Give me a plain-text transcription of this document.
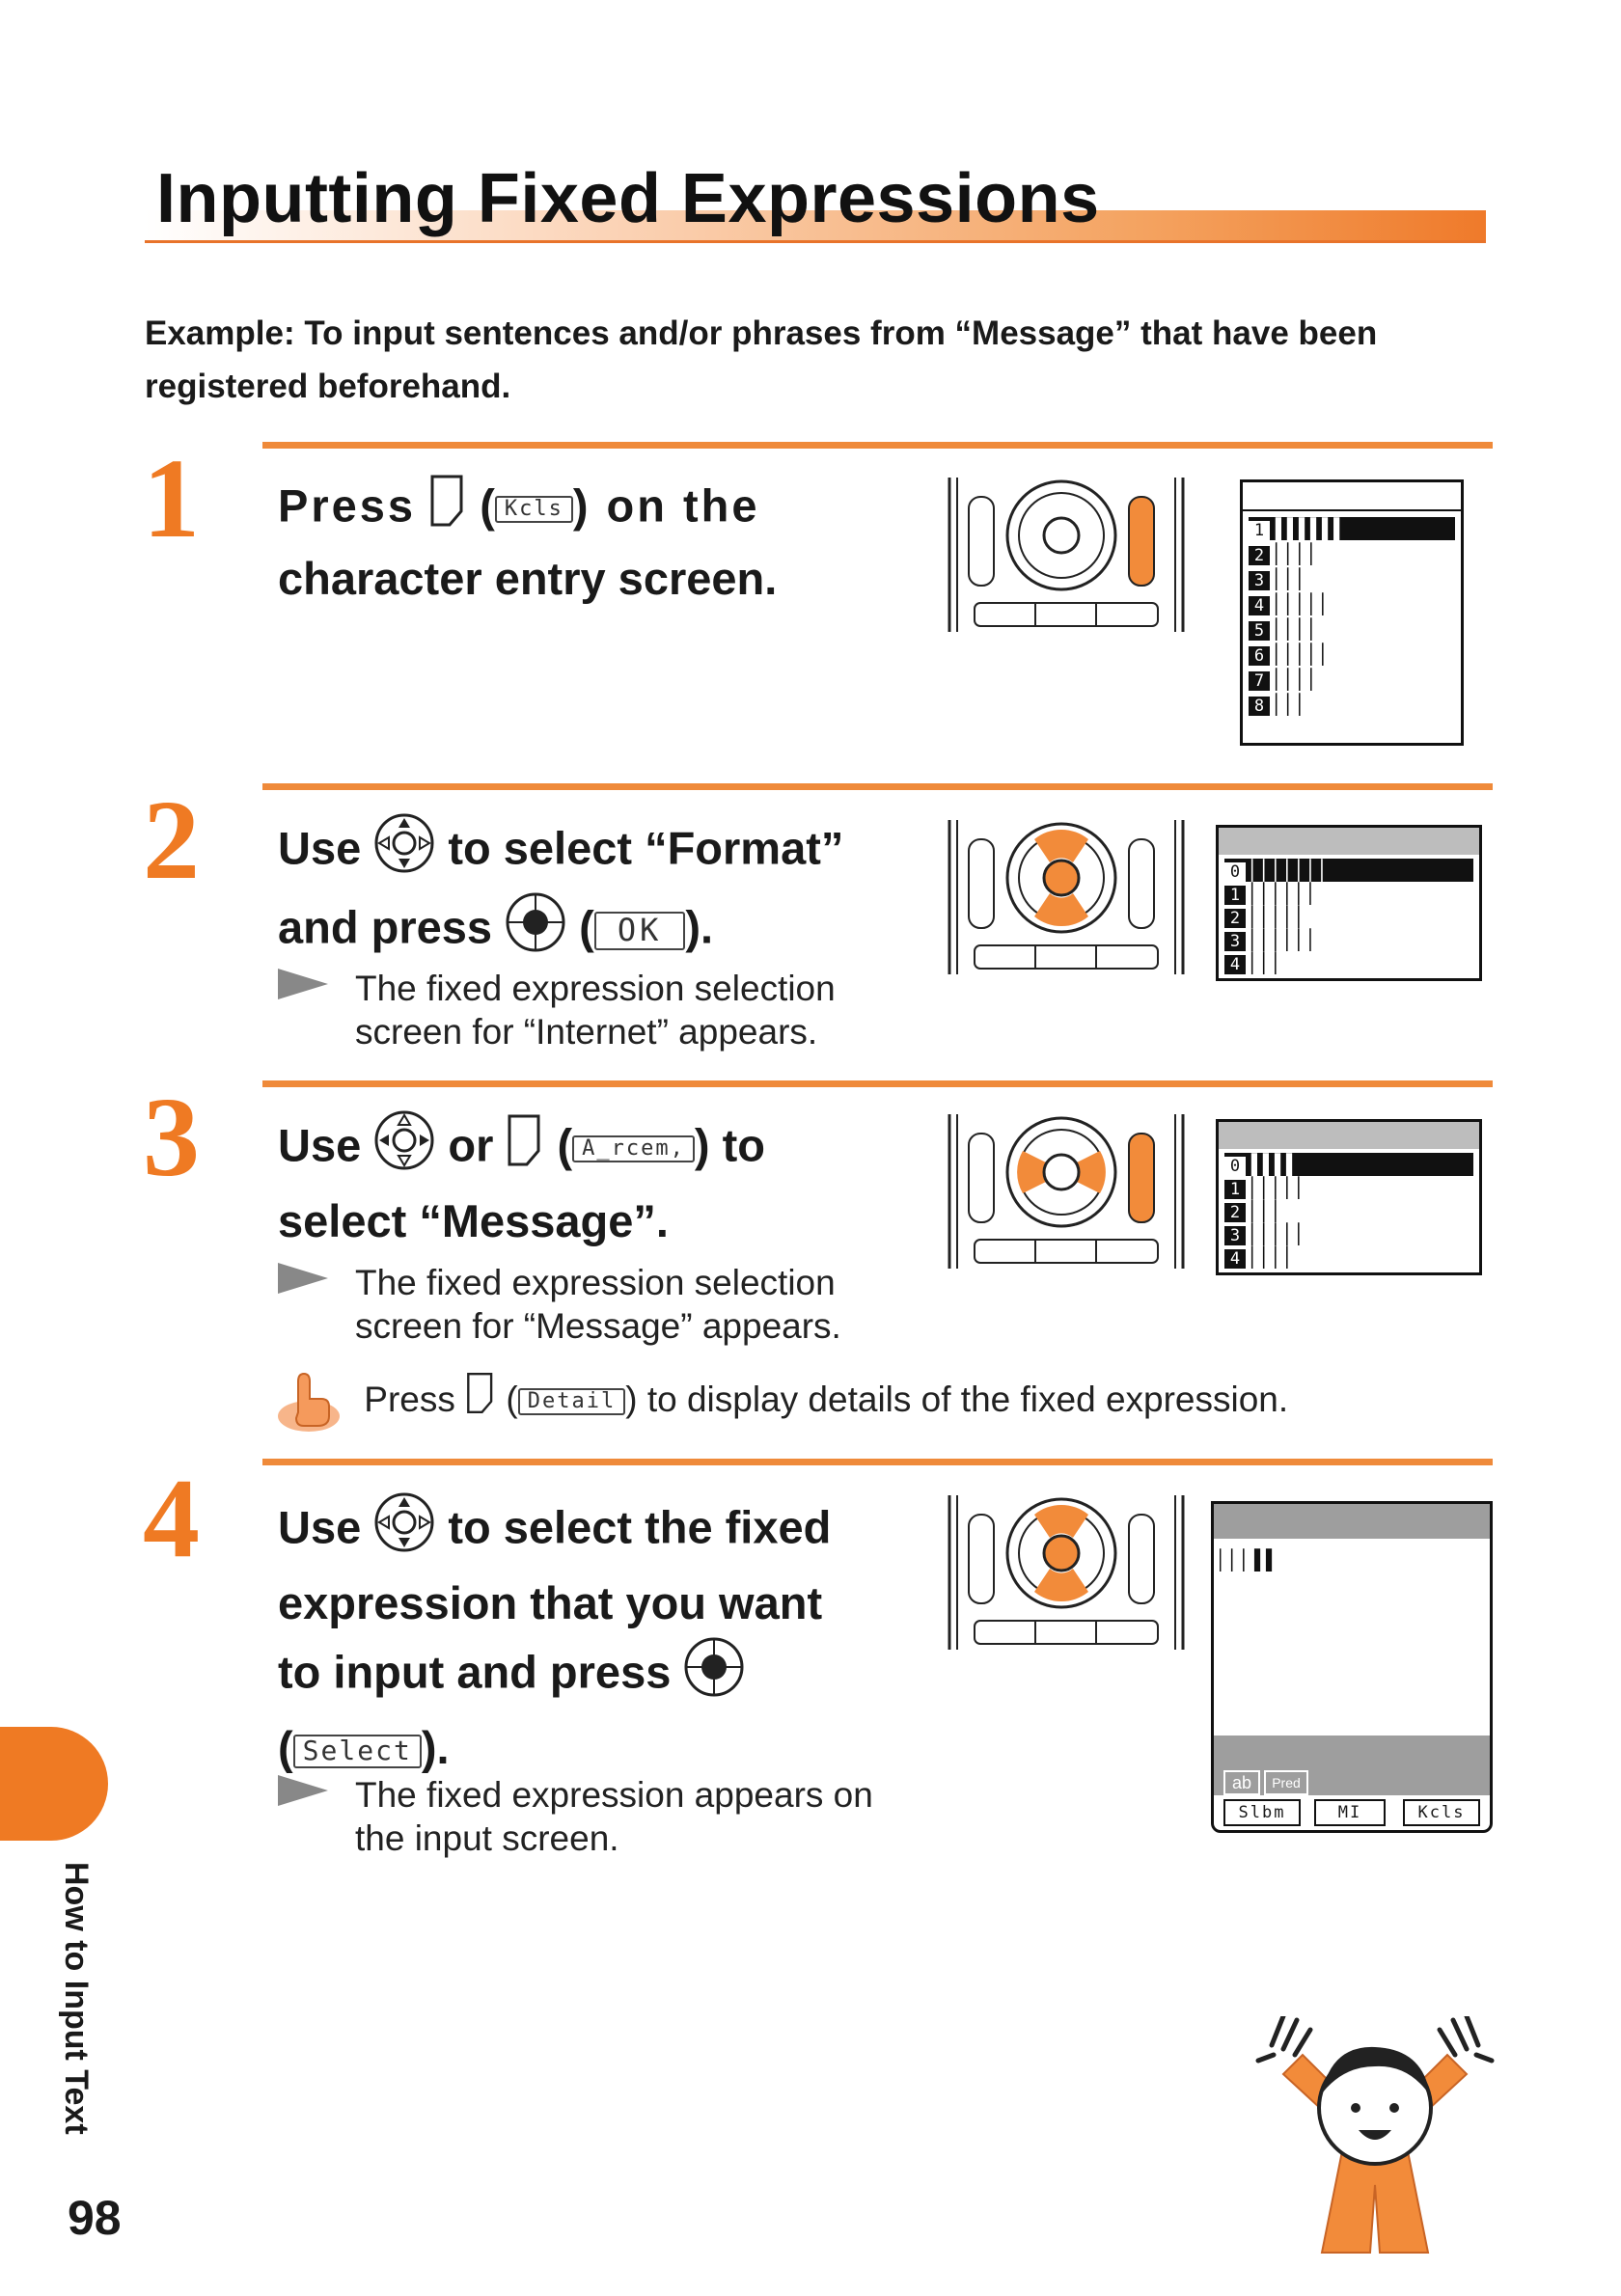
Inputting Fixed Expressions
Example: To input sentences and/or phrases from “Message” that have been registered beforehand.
1 Press ( Kcls ) on the
character entry screen.
1 ▌▌▌▌▌▌
2 ▏▏▏▏
3 ▏▏▏
4 ▏▏▏▏▏
5 ▏▏▏▏
6 ▏▏▏▏▏
7 ▏▏▏▏
8 ▏▏▏
2 Use to select “Format”
and press ( OK ).
The fixed expression selection
screen for “Internet” appears.
0 ▏▏▏▏▏▏▏
1 ▏▏▏▏▏▏
2 ▏▏▏▏▏
3 ▏▏▏▏▏▏
4 ▏▏▏
3 Use or ( A_rcem, ) to
select “Message”.
The fixed expression selection
screen for “Message” appears.
0 ▌▌▌▌
1 ▏▏▏▏▏
2 ▏▏▏
3 ▏▏▏▏▏
4 ▏▏▏▏
Press ( Detail ) to display details of the fixed expression.
4 Use to select the fixed
expression that you want
to input and press
( Select ).
The fixed expression appears on
the input screen.
▏▏▏▌▌
ab	Pred
Slbm	MI	Kcls
How to Input Text
98
